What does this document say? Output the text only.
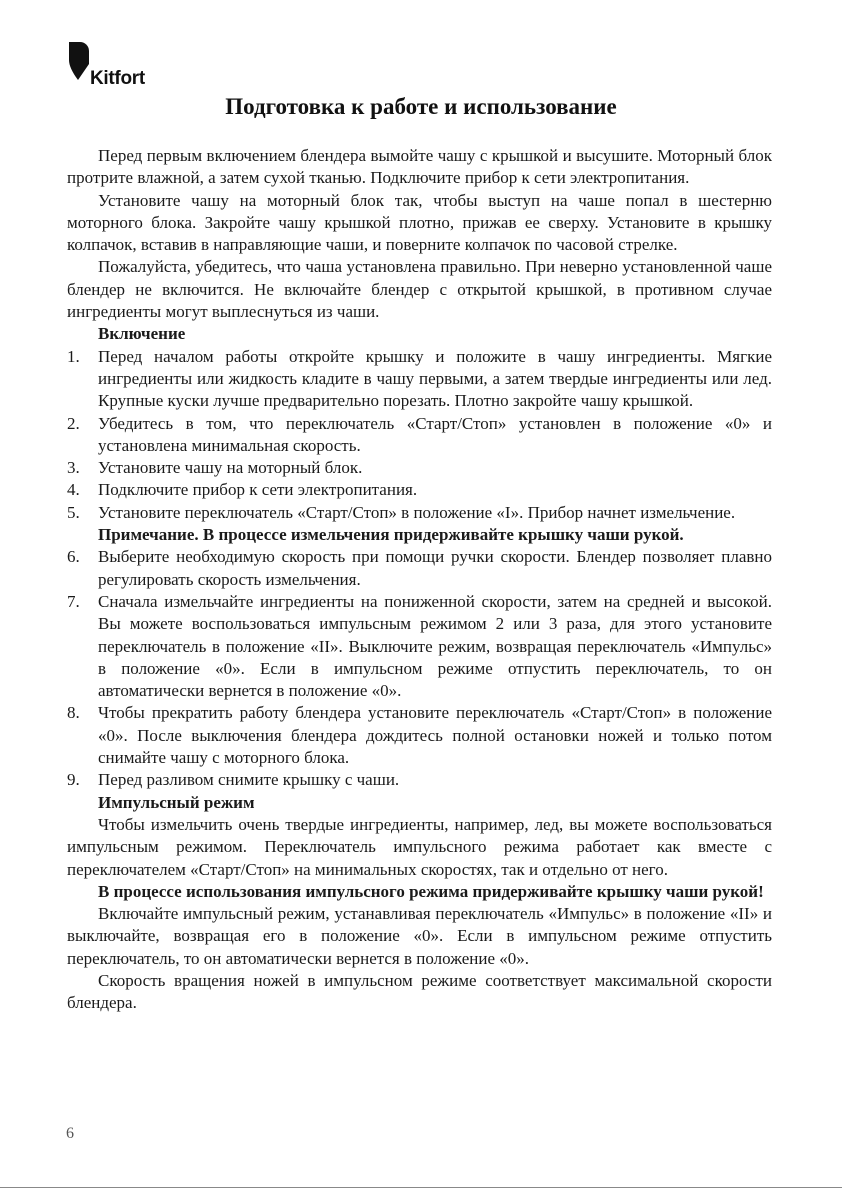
Kitfort
Подготовка к работе и использование

Перед первым включением блендера вымойте чашу с крышкой и высушите. Моторный блок протрите влажной, а затем сухой тканью. Подключите прибор к сети электропитания.

Установите чашу на моторный блок так, чтобы выступ на чаше попал в шестерню моторного блока. Закройте чашу крышкой плотно, прижав ее сверху. Установите в крышку колпачок, вставив в направляющие чаши, и поверните колпачок по часовой стрелке.

Пожалуйста, убедитесь, что чаша установлена правильно. При неверно установленной чаше блендер не включится. Не включайте блендер с открытой крышкой, в противном случае ингредиенты могут выплеснуться из чаши.

Включение
1.	Перед началом работы откройте крышку и положите в чашу ингредиенты. Мягкие ингредиенты или жидкость кладите в чашу первыми, а затем твердые ингредиенты или лед. Крупные куски лучше предварительно порезать. Плотно закройте чашу крышкой.
2.	Убедитесь в том, что переключатель «Старт/Стоп» установлен в положение «0» и установлена минимальная скорость.
3.	Установите чашу на моторный блок.
4.	Подключите прибор к сети электропитания.
5.	Установите переключатель «Старт/Стоп» в положение «I». Прибор начнет измельчение.

Примечание. В процессе измельчения придерживайте крышку чаши рукой.

6.	Выберите необходимую скорость при помощи ручки скорости. Блендер позволяет плавно регулировать скорость измельчения.
7.	Сначала измельчайте ингредиенты на пониженной скорости, затем на средней и высокой. Вы можете воспользоваться импульсным режимом 2 или 3 раза, для этого установите переключатель в положение «II». Выключите режим, возвращая переключатель «Импульс» в положение «0». Если в импульсном режиме отпустить переключатель, то он автоматически вернется в положение «0».
8.	Чтобы прекратить работу блендера установите переключатель «Старт/Стоп» в положение «0». После выключения блендера дождитесь полной остановки ножей и только потом снимайте чашу с моторного блока.
9.	Перед разливом снимите крышку с чаши.
Импульсный режим

Чтобы измельчить очень твердые ингредиенты, например, лед, вы можете воспользоваться импульсным режимом. Переключатель импульсного режима работает как вместе с переключателем «Старт/Стоп» на минимальных скоростях, так и отдельно от него.

В процессе использования импульсного режима придерживайте крышку чаши рукой!

Включайте импульсный режим, устанавливая переключатель «Импульс» в положение «II» и выключайте, возвращая его в положение «0». Если в импульсном режиме отпустить переключатель, то он автоматически вернется в положение «0».

Скорость вращения ножей в импульсном режиме соответствует максимальной скорости блендера.

6
